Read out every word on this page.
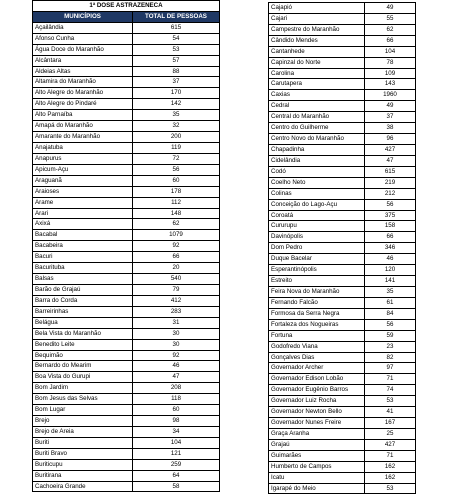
1ª DOSE ASTRAZENECA	
MUNICÍPIOS	TOTAL DE PESSOAS
Açailândia	615
Afonso Cunha	54
Água Doce do Maranhão	53
Alcântara	57
Aldeias Altas	88
Altamira do Maranhão	37
Alto Alegre do Maranhão	170
Alto Alegre do Pindaré	142
Alto Parnaíba	35
Amapá do Maranhão	32
Amarante do Maranhão	200
Anajatuba	119
Anapurus	72
Apicum-Açu	56
Araguanã	60
Araioses	178
Arame	112
Arari	148
Axixá	62
Bacabal	1079
Bacabeira	92
Bacuri	66
Bacurituba	20
Balsas	540
Barão de Grajaú	79
Barra do Corda	412
Barreirinhas	283
Belágua	31
Bela Vista do Maranhão	30
Benedito Leite	30
Bequimão	92
Bernardo do Mearim	46
Boa Vista do Gurupi	47
Bom Jardim	208
Bom Jesus das Selvas	118
Bom Lugar	60
Brejo	98
Brejo de Areia	34
Buriti	104
Buriti Bravo	121
Buriticupu	259
Buritirana	64
Cachoeira Grande	58
Cajapió	49
Cajari	55
Campestre do Maranhão	62
Cândido Mendes	66
Cantanhede	104
Capinzal do Norte	78
Carolina	109
Carutapera	143
Caxias	1960
Cedral	49
Central do Maranhão	37
Centro do Guilherme	38
Centro Novo do Maranhão	96
Chapadinha	427
Cidelândia	47
Codó	615
Coelho Neto	219
Colinas	212
Conceição do Lago-Açu	56
Coroatá	375
Cururupu	158
Davinópolis	66
Dom Pedro	346
Duque Bacelar	46
Esperantinópolis	120
Estreito	141
Feira Nova do Maranhão	35
Fernando Falcão	61
Formosa da Serra Negra	84
Fortaleza dos Nogueiras	56
Fortuna	59
Godofredo Viana	23
Gonçalves Dias	82
Governador Archer	97
Governador Edison Lobão	71
Governador Eugênio Barros	74
Governador Luiz Rocha	53
Governador Newton Bello	41
Governador Nunes Freire	167
Graça Aranha	25
Grajaú	427
Guimarães	71
Humberto de Campos	162
Icatu	162
Igarapé do Meio	53
